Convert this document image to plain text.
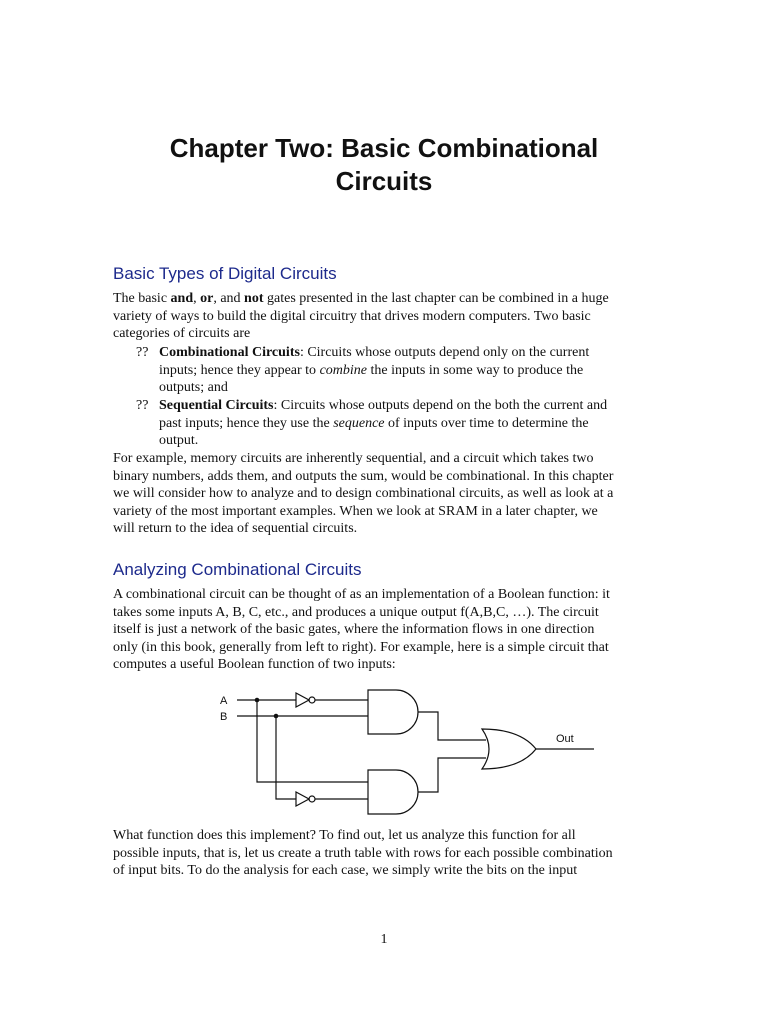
Chapter Two: Basic Combinational
Circuits
Basic Types of Digital Circuits
The basic and, or, and not gates presented in the last chapter can be combined in a huge
variety of ways to build the digital circuitry that drives modern computers. Two basic
categories of circuits are
?? Combinational Circuits: Circuits whose outputs depend only on the current
inputs; hence they appear to combine the inputs in some way to produce the
outputs; and
?? Sequential Circuits: Circuits whose outputs depend on the both the current and
past inputs; hence they use the sequence of inputs over time to determine the
output.
For example, memory circuits are inherently sequential, and a circuit which takes two
binary numbers, adds them, and outputs the sum, would be combinational. In this chapter
we will consider how to analyze and to design combinational circuits, as well as look at a
variety of the most important examples. When we look at SRAM in a later chapter, we
will return to the idea of sequential circuits.
Analyzing Combinational Circuits
A combinational circuit can be thought of as an implementation of a Boolean function: it
takes some inputs A, B, C, etc., and produces a unique output f(A,B,C, …). The circuit
itself is just a network of the basic gates, where the information flows in one direction
only (in this book, generally from left to right). For example, here is a simple circuit that
computes a useful Boolean function of two inputs:
A
B
Out
What function does this implement? To find out, let us analyze this function for all
possible inputs, that is, let us create a truth table with rows for each possible combination
of input bits. To do the analysis for each case, we simply write the bits on the input
1
